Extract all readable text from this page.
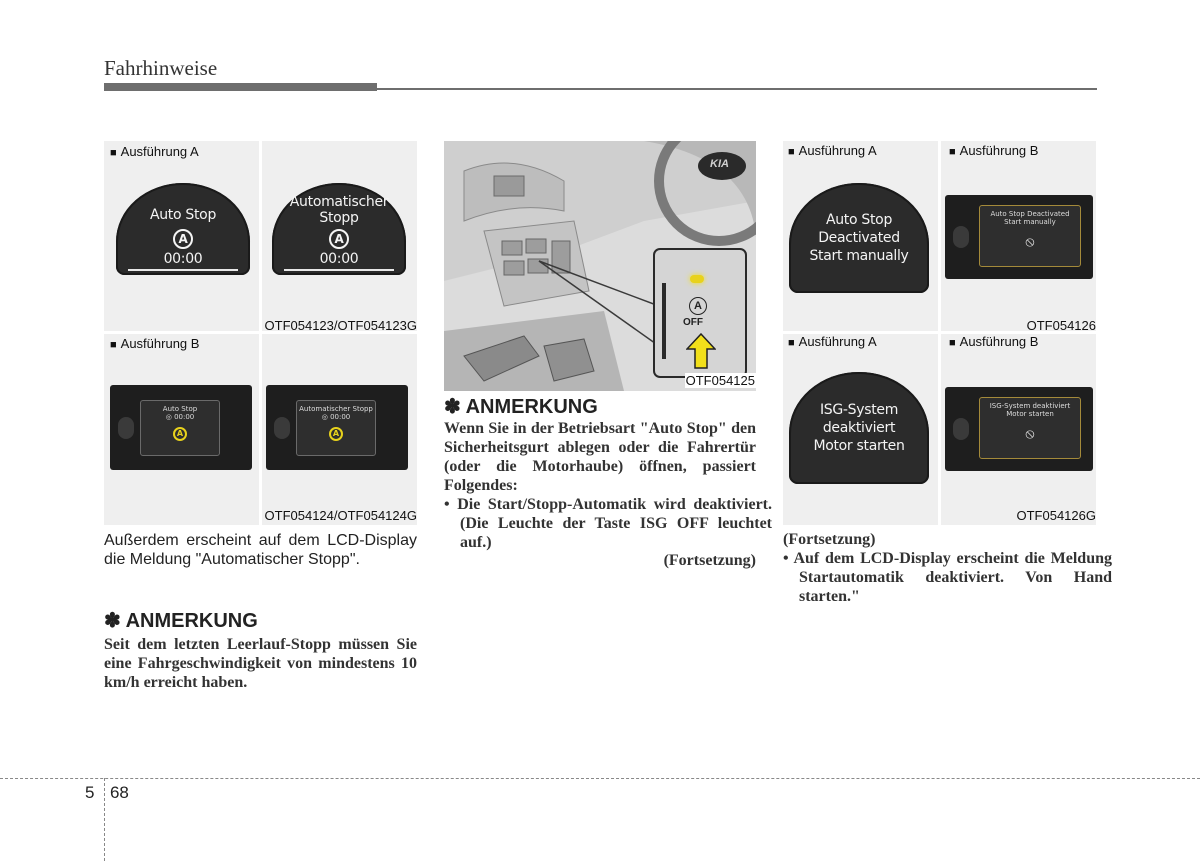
Fahrhinweise
■ Ausführung A
Auto Stop
A
00:00
Automatischer
Stopp
A
00:00
OTF054123/OTF054123G
■ Ausführung B
Auto Stop
◎ 00:00
A
Automatischer Stopp
◎ 00:00
A
OTF054124/OTF054124G
Außerdem erscheint auf dem LCD-Display die Meldung "Automatischer Stopp".
✽ ANMERKUNG
Seit dem letzten Leerlauf-Stopp müssen Sie eine Fahrgeschwindigkeit von mindestens 10 km/h erreicht haben.
A
OFF
KIA
OTF054125
✽ ANMERKUNG
Wenn Sie in der Betriebsart "Auto Stop" den Sicherheitsgurt ablegen oder die Fahrertür (oder die Motorhaube) öffnen, passiert Folgendes:
• Die Start/Stopp-Automatik wird deaktiviert. (Die Leuchte der Taste ISG OFF leuchtet auf.)
(Fortsetzung)
■ Ausführung A	■ Ausführung B
Auto Stop
Deactivated
Start manually
Auto Stop Deactivated
Start manually
⦸
OTF054126
■ Ausführung A	■ Ausführung B
ISG-System
deaktiviert
Motor starten
ISG-System deaktiviert
Motor starten
⦸
OTF054126G
(Fortsetzung)
• Auf dem LCD-Display erscheint die Meldung Startautomatik deaktiviert. Von Hand starten."
5 68
